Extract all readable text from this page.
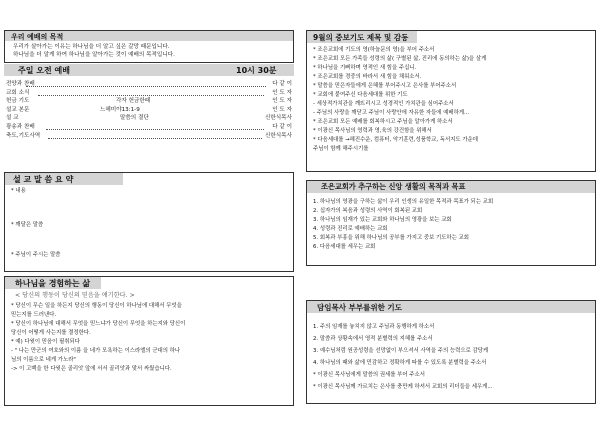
우리 예배의 목적
우리가 살아가는 이유는 하나님을 더 알고 싶은 갈망 때문입니다.
하나님을 더 알게 하여 하나님을 알아가는 것이 예배의 목적입니다.
주일 오전 예배	10시 30분
전양과 찬배	다 같 이
교회 소식	인 도 자
헌금 기도	각자 헌금한때	인 도 자
설교 본문	느헤미야13:1-9	인 도 자
설 교	말씀의 결단	신한식목사
광송과 찬배	다 같 이
축도,기도사역	신한식목사
설 교 말 씀 요 약
* 내용
* 깨달은 말씀
* 주님이 주시는 말씀
하나님을 경험하는 삶
< 당신의 행동이 당신의 믿음을 얘기한다. >
* 당신이 무슨 일을 하든지 당신의 행동이 당신이 하나님에 대해서 무엇을
믿는지를 드러낸다.
* 당신이 하나님에 대해서 무엇을 믿느냐가 당신이 무엇을 하는지와 당신이
당신이 어떻게 사는지를 결정한다.
* 예) 다윗이 믿음이 필취되다
- " 나는 만군의 여호와의 이름 을 네가 모욕하는 이스라엘의 군대의 하나
님의 이름으로 네게 가노라"
-> 이 고백을 한 다윗은 골리앗 앞에 서서 골리앗과 맞서 싸웠습니다.
9월의 중보기도 제목 및 감동
* 조은교회에 기도의 영(하늘문의 영)을 부어 주소서
* 조은교회 모든 가족들 성령의 삶( 구별된 삶, 진리에 동의하는 삶)을 살게
* 하나님을 기뻐하며 영적인 새 힘을 주십니.
* 조은교회를 경중의 바라서 새 힘을 채워소서.
* 말씀을 믿은자들에게 은혜를 부어주시고 은사를 부어주소서
* 교회에 붙여주신 다음세대를 위한 기도
- 세상적가치관을 깨뜨리시고 성경적인 가치관을 심어주소서
- 주님의 사랑을 깨닫고 주님이 사랑안에 자유한 자들에 예배하게...
* 조은교회 모든 예배를 회복하시고 주님을 알아가게 하소서
* 이광신 목사님의 영력과 영,육의 강건함을 위해서
* 다음세대를 →헤진수운, 컴퓨터, 악기훈련,성품학교, 독서지도 가운데
주님이 함께 해주시기를
조은교회가 추구하는 신앙 생활의 목적과 목표
1. 하나님의 영광을 구하는 삶이 우리 인생의 유일한 목적과 목표가 되는 교회
2. 십자가의 복음과 성령의 사역이 회복된 교회
3. 하나님의 임재가 있는 교회와 하나님의 영광을 보는 교회
4. 성령과 진리로 예배하는 교회
5. 회복과 부흥을 위해 하나님의 공부를 가지고 중보 기도하는 교회
6. 다음세대를 세우는 교회
담임목사 부부를위한 기도
1. 주의 임재를 놓치지 않고 주님과 동행하게 하소서
2. 말씀과 상황속에서 영적 분별력의 지혜를 주소서
3. 예수님처럼 원공성령을 선망없이 부으셔서 사역을 주의 능력으로 감당케
4. 하나님의 때와 삶에 민감하고 정확하게 따를 수 있도록 분별력을 주소서
* 이광신 목사님에게 말씀의 권세를 부어 주소서
* 이광신 목사님께 가르치는 은사를 충만케 하셔서 교회의 리더들을 세우게...
